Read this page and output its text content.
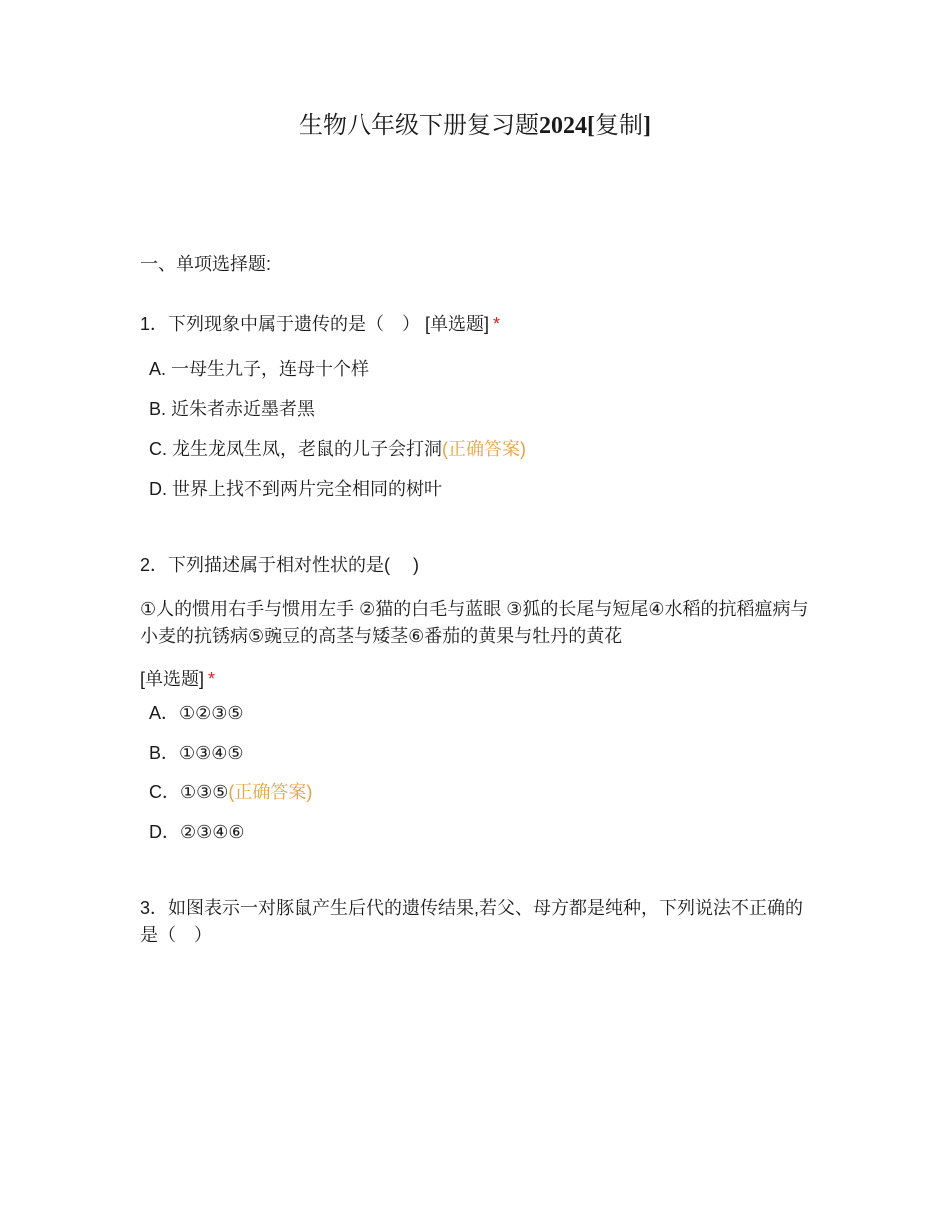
生物八年级下册复习题2024[复制]
一、单项选择题:
1．下列现象中属于遗传的是（　） [单选题] *
A. 一母生九子，连母十个样
B. 近朱者赤近墨者黑
C. 龙生龙凤生凤，老鼠的儿子会打洞(正确答案)
D. 世界上找不到两片完全相同的树叶
2．下列描述属于相对性状的是(　 )
①人的惯用右手与惯用左手 ②猫的白毛与蓝眼 ③狐的长尾与短尾④水稻的抗稻瘟病与小麦的抗锈病⑤豌豆的高茎与矮茎⑥番茄的黄果与牡丹的黄花
[单选题] *
A．①②③⑤
B．①③④⑤
C．①③⑤(正确答案)
D．②③④⑥
3．如图表示一对豚鼠产生后代的遗传结果,若父、母方都是纯种，下列说法不正确的是（　）
